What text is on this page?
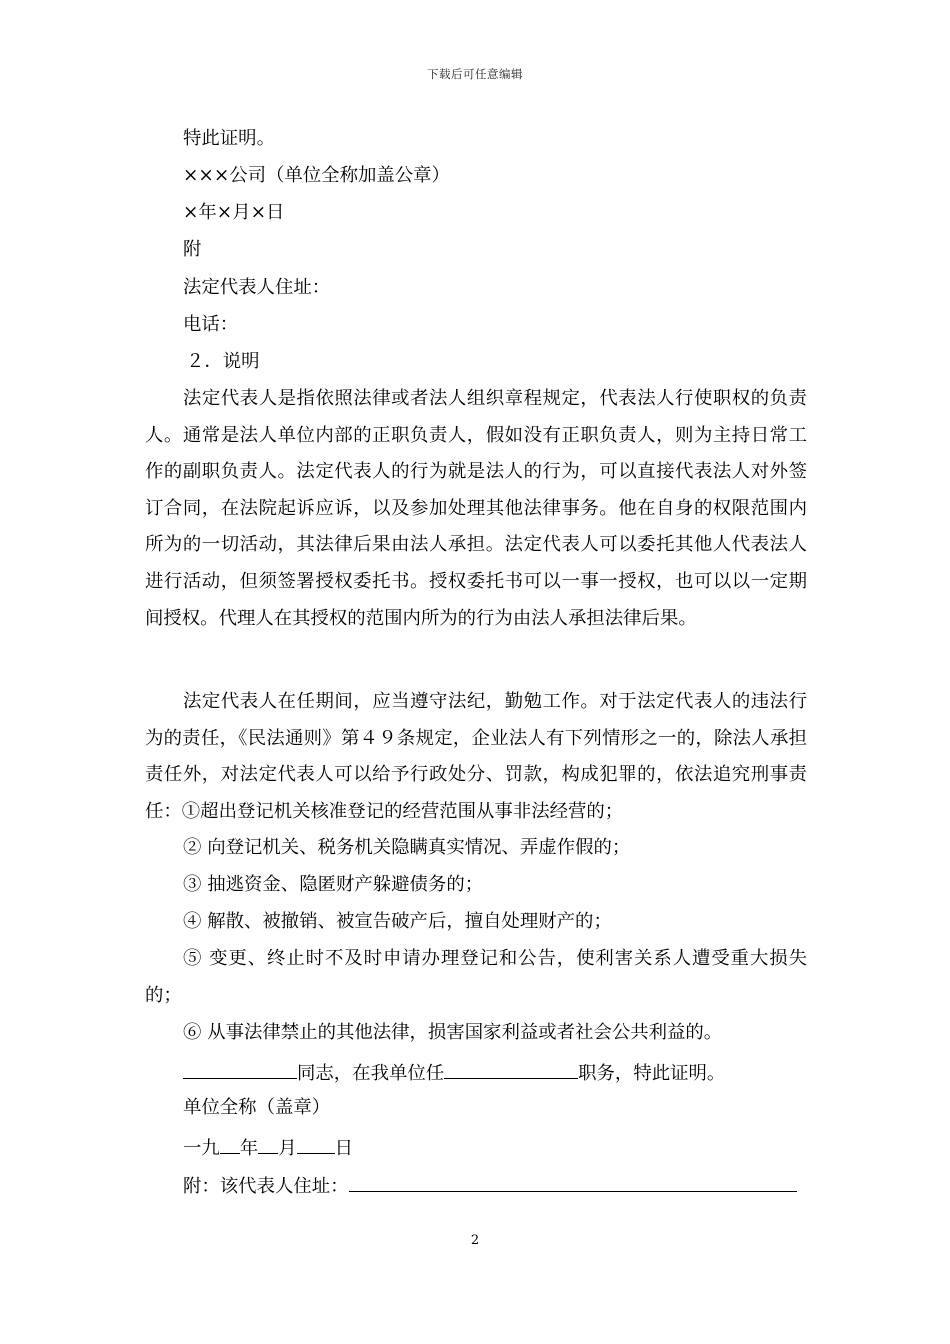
下载后可任意编辑
特此证明。
×××公司（单位全称加盖公章）
×年×月×日
附
法定代表人住址：
电话：
２．说明

法定代表人是指依照法律或者法人组织章程规定，代表法人行使职权的负责人。通常是法人单位内部的正职负责人，假如没有正职负责人，则为主持日常工作的副职负责人。法定代表人的行为就是法人的行为，可以直接代表法人对外签订合同，在法院起诉应诉，以及参加处理其他法律事务。他在自身的权限范围内所为的一切活动，其法律后果由法人承担。法定代表人可以委托其他人代表法人进行活动，但须签署授权委托书。授权委托书可以一事一授权，也可以以一定期间授权。代理人在其授权的范围内所为的行为由法人承担法律后果。

法定代表人在任期间，应当遵守法纪，勤勉工作。对于法定代表人的违法行为的责任，《民法通则》第４９条规定，企业法人有下列情形之一的，除法人承担责任外，对法定代表人可以给予行政处分、罚款，构成犯罪的，依法追究刑事责任：①超出登记机关核准登记的经营范围从事非法经营的；

② 向登记机关、税务机关隐瞒真实情况、弄虚作假的；
③ 抽逃资金、隐匿财产躲避债务的；
④ 解散、被撤销、被宣告破产后，擅自处理财产的；

⑤ 变更、终止时不及时申请办理登记和公告，使利害关系人遭受重大损失的；

⑥ 从事法律禁止的其他法律，损害国家利益或者社会公共利益的。
同志，在我单位任	职务，特此证明。
单位全称（盖章）
一九 年 月 日
附：该代表人住址：
2
